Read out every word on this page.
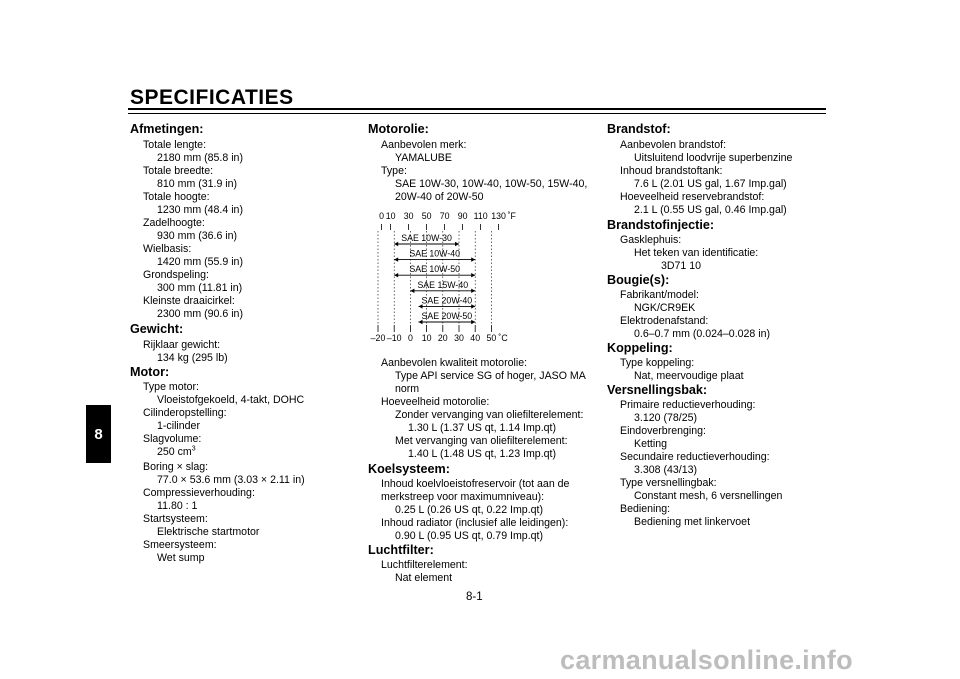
SPECIFICATIES
8
Afmetingen:
Totale lengte:
2180 mm (85.8 in)
Totale breedte:
810 mm (31.9 in)
Totale hoogte:
1230 mm (48.4 in)
Zadelhoogte:
930 mm (36.6 in)
Wielbasis:
1420 mm (55.9 in)
Grondspeling:
300 mm (11.81 in)
Kleinste draaicirkel:
2300 mm (90.6 in)
Gewicht:
Rijklaar gewicht:
134 kg (295 lb)
Motor:
Type motor:
Vloeistofgekoeld, 4-takt, DOHC
Cilinderopstelling:
1-cilinder
Slagvolume:
250 $cm^3$
Boring × slag:
77.0 × 53.6 mm (3.03 × 2.11 in)
Compressieverhouding:
11.80 : 1
Startsysteem:
Elektrische startmotor
Smeersysteem:
Wet sump
Motorolie:
Aanbevolen merk:
YAMALUBE
Type:
SAE 10W-30, 10W-40, 10W-50, 15W-40,
20W-40 of 20W-50
Aanbevolen kwaliteit motorolie:
Type API service SG of hoger, JASO MA
norm
Hoeveelheid motorolie:
Zonder vervanging van oliefilterelement:
1.30 L (1.37 US qt, 1.14 Imp.qt)
Met vervanging van oliefilterelement:
1.40 L (1.48 US qt, 1.23 Imp.qt)
Koelsysteem:
Inhoud koelvloeistofreservoir (tot aan de
merkstreep voor maximumniveau):
0.25 L (0.26 US qt, 0.22 Imp.qt)
Inhoud radiator (inclusief alle leidingen):
0.90 L (0.95 US qt, 0.79 Imp.qt)
Luchtfilter:
Luchtfilterelement:
Nat element
Brandstof:
Aanbevolen brandstof:
Uitsluitend loodvrije superbenzine
Inhoud brandstoftank:
7.6 L (2.01 US gal, 1.67 Imp.gal)
Hoeveelheid reservebrandstof:
2.1 L (0.55 US gal, 0.46 Imp.gal)
Brandstofinjectie:
Gasklephuis:
Het teken van identificatie:
3D71 10
Bougie(s):
Fabrikant/model:
NGK/CR9EK
Elektrodenafstand:
0.6–0.7 mm (0.024–0.028 in)
Koppeling:
Type koppeling:
Nat, meervoudige plaat
Versnellingsbak:
Primaire reductieverhouding:
3.120 (78/25)
Eindoverbrenging:
Ketting
Secundaire reductieverhouding:
3.308 (43/13)
Type versnellingbak:
Constant mesh, 6 versnellingen
Bediening:
Bediening met linkervoet
0 10 30 50 70 90 110 130 ˚F
–20 –10 0 10 20 30 40 50 ˚C
SAE 10W-30
SAE 10W-40
SAE 10W-50
SAE 15W-40
SAE 20W-40
SAE 20W-50
8-1
carmanualsonline.info
